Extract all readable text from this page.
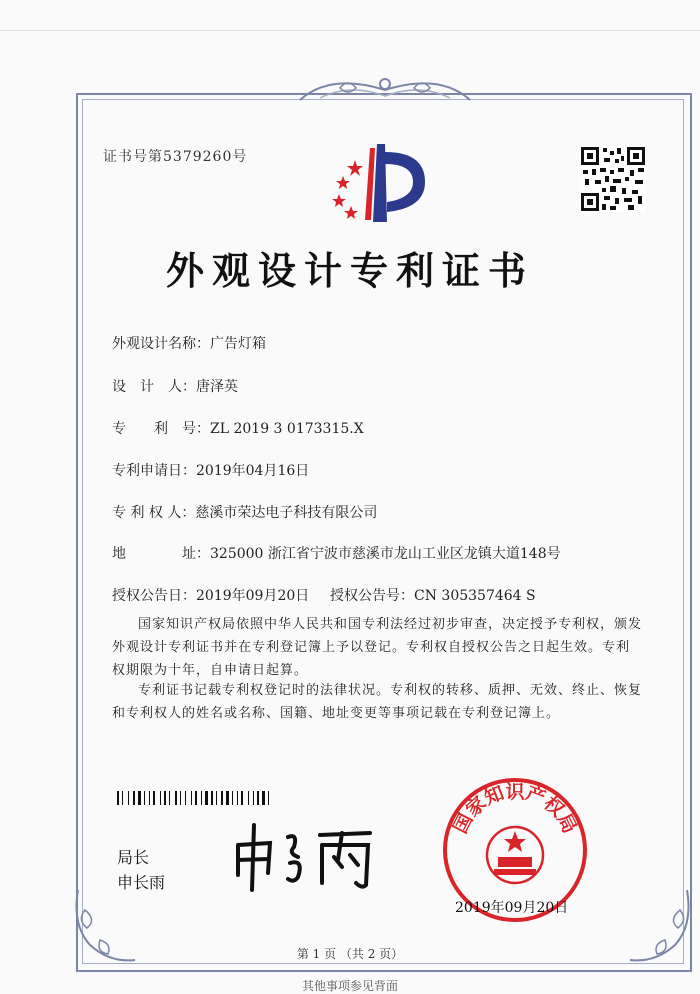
证书号第5379260号
外观设计专利证书
外观设计名称：广告灯箱
设　计　人：唐泽英
专　　利　号：ZL 2019 3 0173315.X
专利申请日：2019年04月16日
专 利 权 人：慈溪市荣达电子科技有限公司
地　　　　址：325000 浙江省宁波市慈溪市龙山工业区龙镇大道148号
授权公告日：2019年09月20日 授权公告号：CN 305357464 S
国家知识产权局依照中华人民共和国专利法经过初步审查，决定授予专利权，颁发外观设计专利证书并在专利登记簿上予以登记。专利权自授权公告之日起生效。专利权期限为十年，自申请日起算。
专利证书记载专利权登记时的法律状况。专利权的转移、质押、无效、终止、恢复和专利权人的姓名或名称、国籍、地址变更等事项记载在专利登记簿上。
局长
申长雨
国家知识产权局
2019年09月20日
第 1 页 （共 2 页）
其他事项参见背面
